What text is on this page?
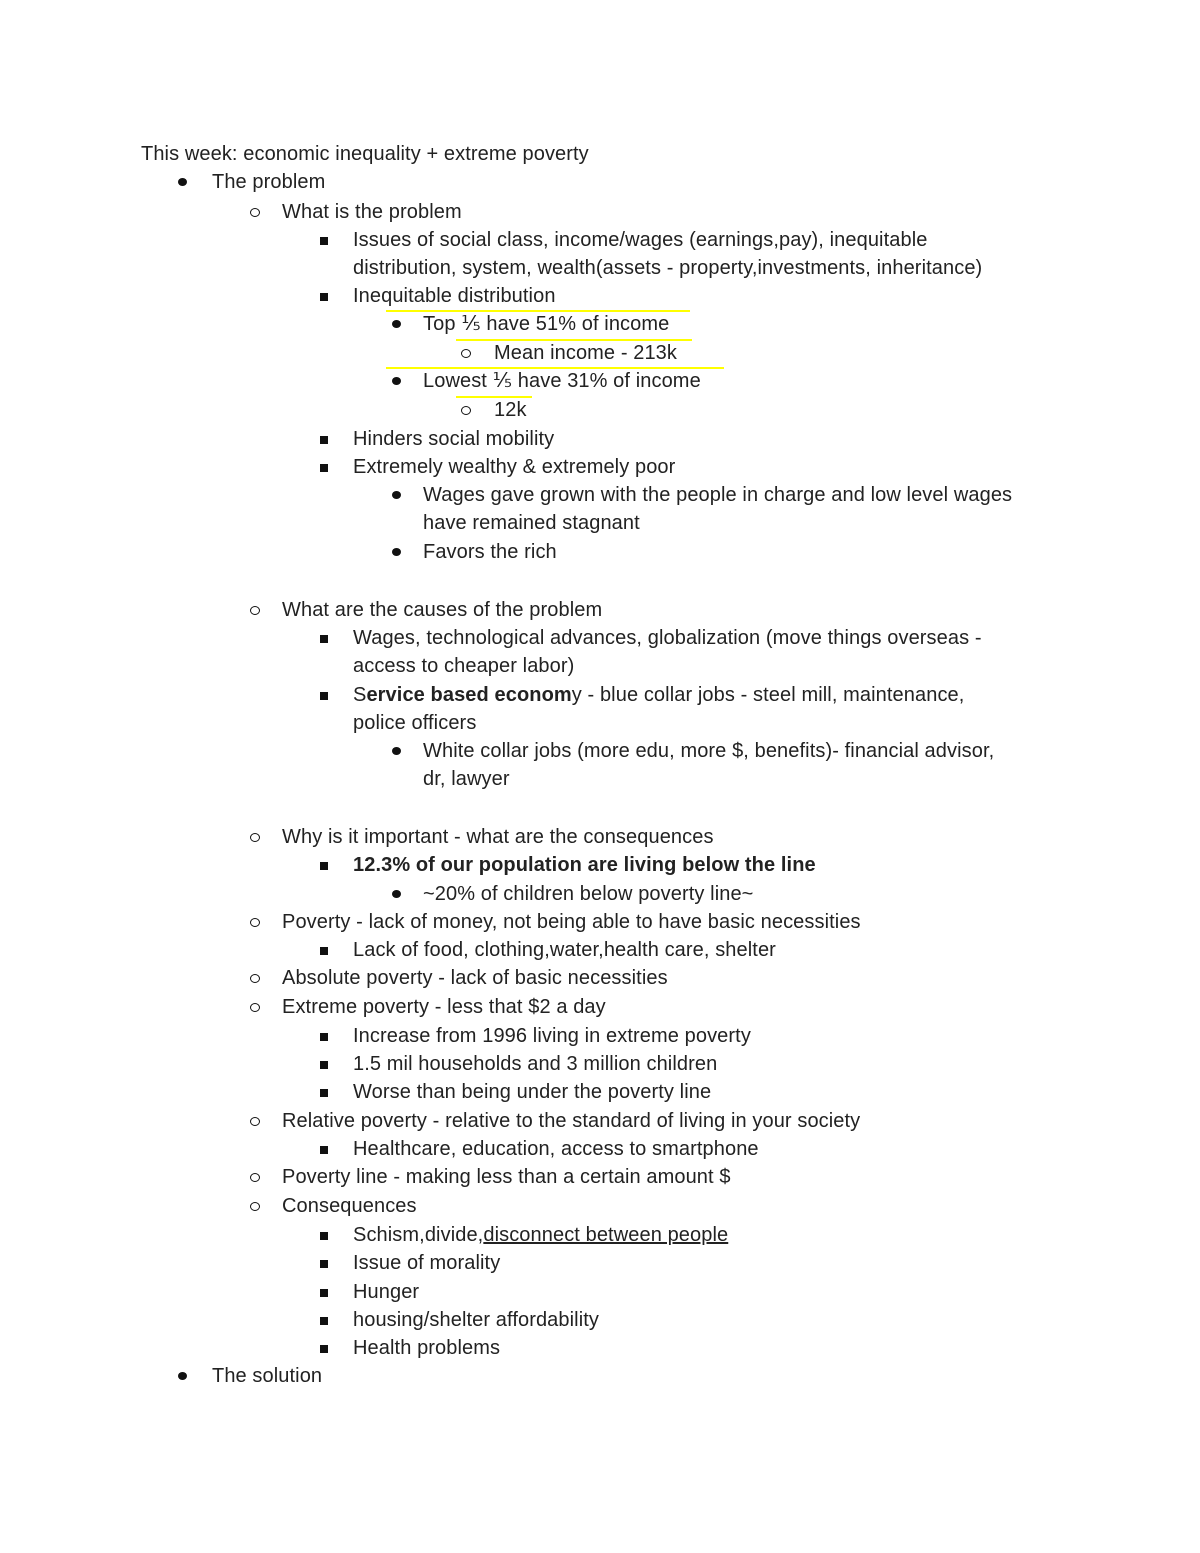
This week: economic inequality + extreme poverty
The problem
What is the problem
Issues of social class, income/wages (earnings,pay), inequitable
distribution, system, wealth(assets - property,investments, inheritance)
Inequitable distribution
Top ⅕ have 51% of income
Mean income - 213k
Lowest ⅕ have 31% of income
12k
Hinders social mobility
Extremely wealthy & extremely poor
Wages gave grown with the people in charge and low level wages
have remained stagnant
Favors the rich
What are the causes of the problem
Wages, technological advances, globalization (move things overseas -
access to cheaper labor)
Service based economy - blue collar jobs - steel mill, maintenance,
police officers
White collar jobs (more edu, more $, benefits)- financial advisor,
dr, lawyer
Why is it important - what are the consequences
12.3% of our population are living below the line
~20% of children below poverty line~
Poverty - lack of money, not being able to have basic necessities
Lack of food, clothing,water,health care, shelter
Absolute poverty - lack of basic necessities
Extreme poverty - less that $2 a day
Increase from 1996 living in extreme poverty
1.5 mil households and 3 million children
Worse than being under the poverty line
Relative poverty - relative to the standard of living in your society
Healthcare, education, access to smartphone
Poverty line - making less than a certain amount $
Consequences
Schism,divide,disconnect between people
Issue of morality
Hunger
housing/shelter affordability
Health problems
The solution
